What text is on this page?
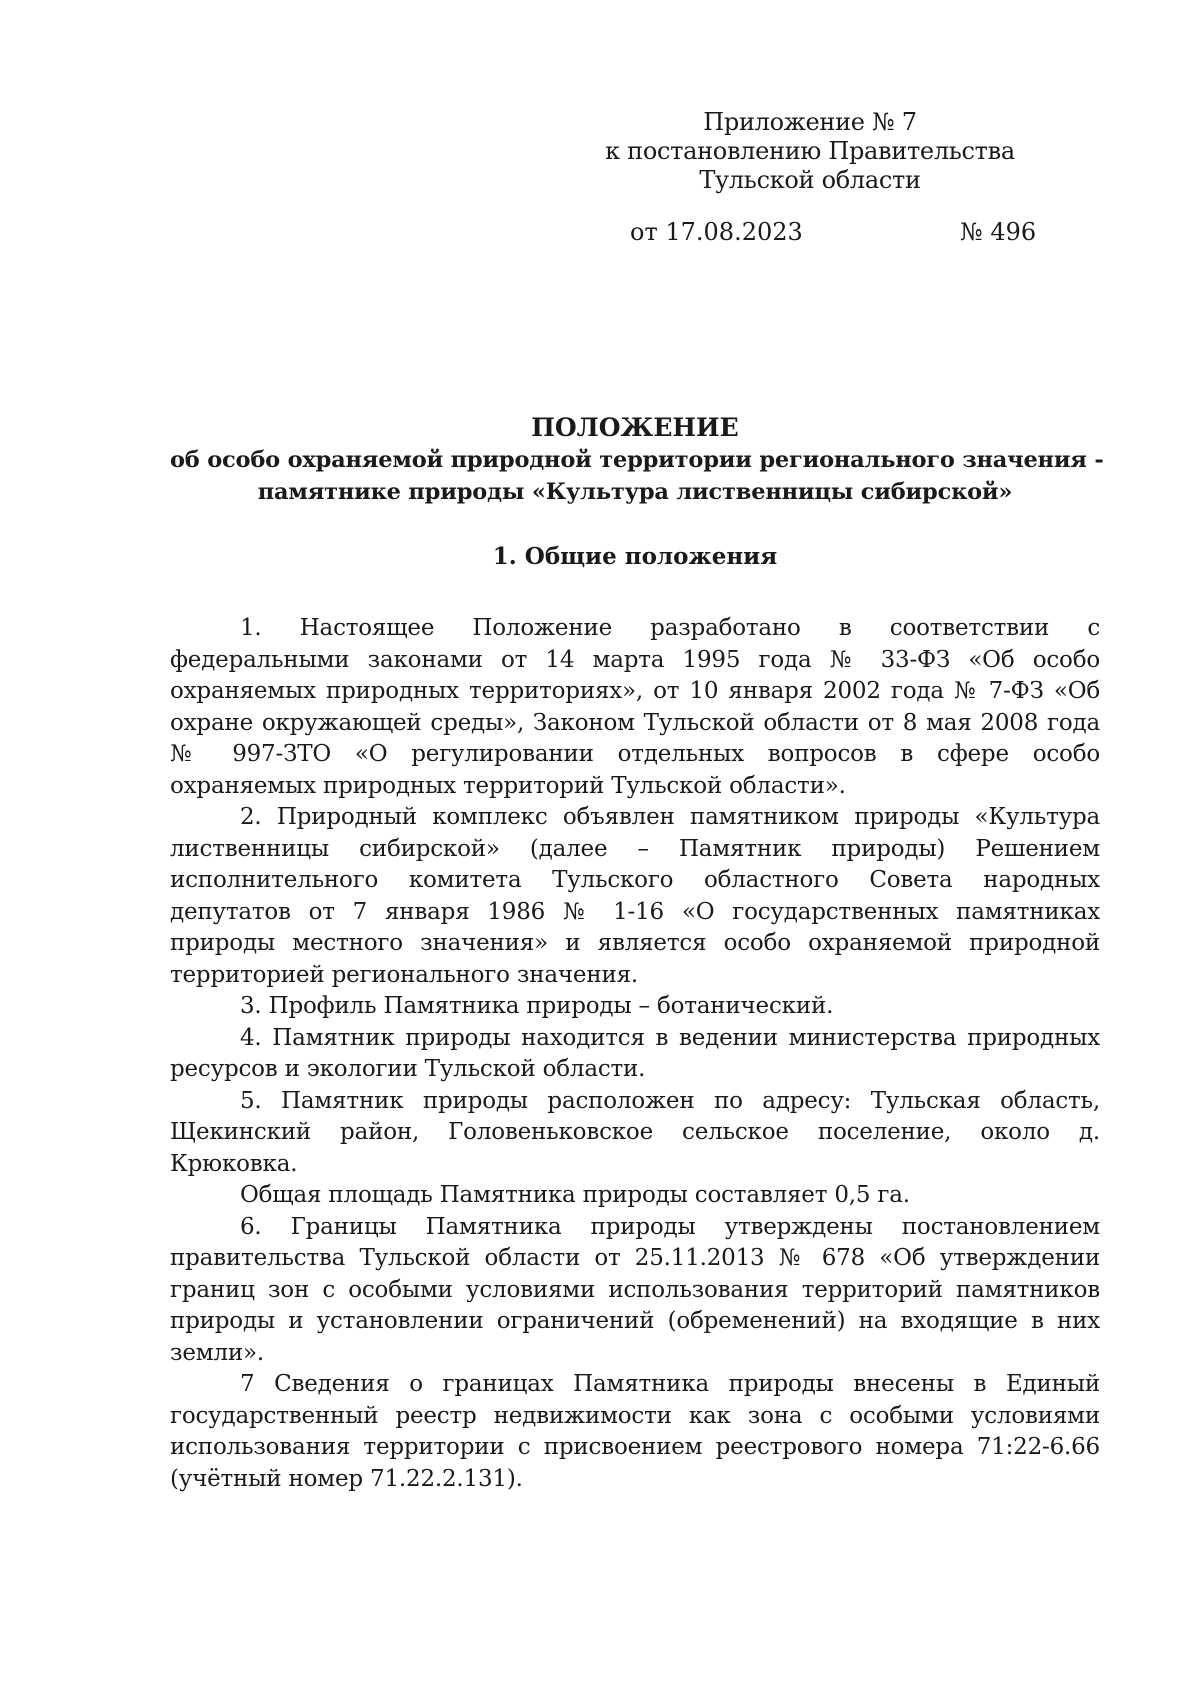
Приложение № 7
к постановлению Правительства
Тульской области
от 17.08.2023	№ 496
ПОЛОЖЕНИЕ
об особо охраняемой природной территории регионального значения -
памятнике природы «Культура лиственницы сибирской»
1. Общие положения

1. Настоящее Положение разработано в соответствии с федеральными законами от 14 марта 1995 года № 33-ФЗ «Об особо охраняемых природных территориях», от 10 января 2002 года № 7-ФЗ «Об охране окружающей среды», Законом Тульской области от 8 мая 2008 года № 997-ЗТО «О регулировании отдельных вопросов в сфере особо охраняемых природных территорий Тульской области».

2. Природный комплекс объявлен памятником природы «Культура лиственницы сибирской» (далее – Памятник природы) Решением исполнительного комитета Тульского областного Совета народных депутатов от 7 января 1986 № 1-16 «О государственных памятниках природы местного значения» и является особо охраняемой природной территорией регионального значения.

3. Профиль Памятника природы – ботанический.

4. Памятник природы находится в ведении министерства природных ресурсов и экологии Тульской области.

5. Памятник природы расположен по адресу: Тульская область, Щекинский район, Головеньковское сельское поселение, около д. Крюковка.

Общая площадь Памятника природы составляет 0,5 га.

6. Границы Памятника природы утверждены постановлением правительства Тульской области от 25.11.2013 № 678 «Об утверждении границ зон с особыми условиями использования территорий памятников природы и установлении ограничений (обременений) на входящие в них земли».

7 Сведения о границах Памятника природы внесены в Единый государственный реестр недвижимости как зона с особыми условиями использования территории с присвоением реестрового номера 71:22-6.66 (учётный номер 71.22.2.131).
